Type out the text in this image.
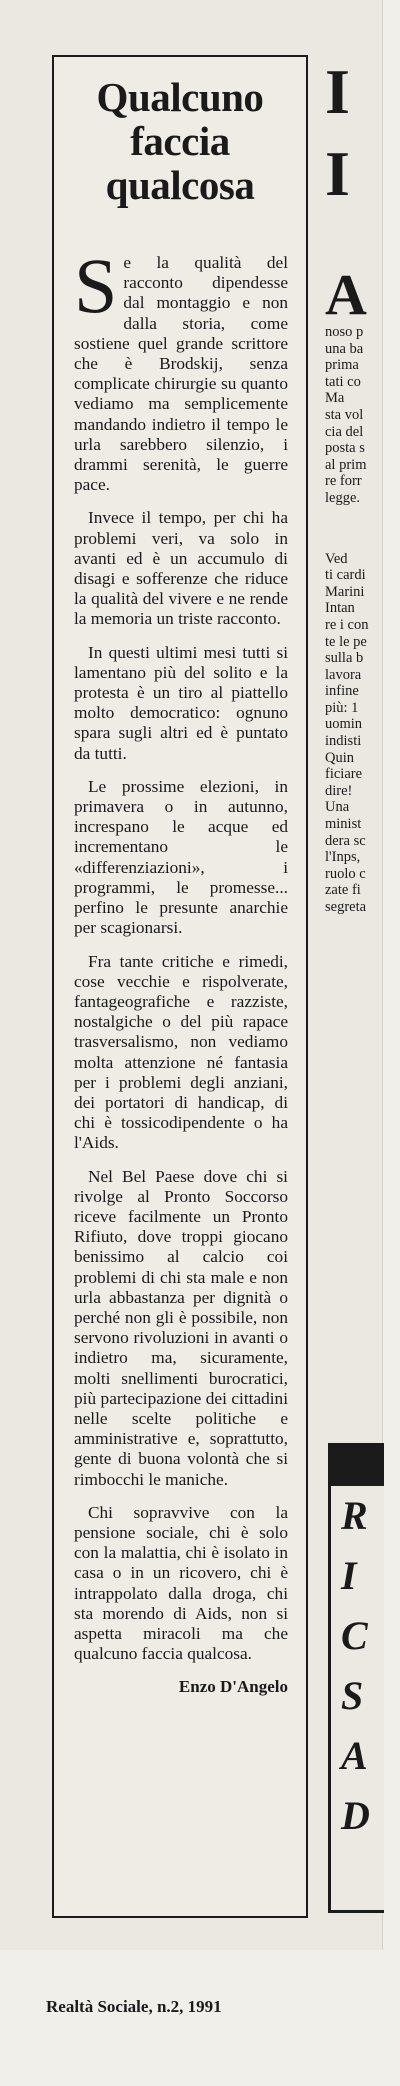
Qualcuno faccia qualcosa

Se la qualità del racconto dipendesse dal montaggio e non dalla storia, come sostiene quel grande scrittore che è Brodskij, senza complicate chirurgie su quanto vediamo ma semplicemente mandando indietro il tempo le urla sarebbero silenzio, i drammi serenità, le guerre pace.

Invece il tempo, per chi ha problemi veri, va solo in avanti ed è un accumulo di disagi e sofferenze che riduce la qualità del vivere e ne rende la memoria un triste racconto.

In questi ultimi mesi tutti si lamentano più del solito e la protesta è un tiro al piattello molto democratico: ognuno spara sugli altri ed è puntato da tutti.

Le prossime elezioni, in primavera o in autunno, increspano le acque ed incrementano le «differenziazioni», i programmi, le promesse... perfino le presunte anarchie per scagionarsi.

Fra tante critiche e rimedi, cose vecchie e rispolverate, fantageografiche e razziste, nostalgiche o del più rapace trasversalismo, non vediamo molta attenzione né fantasia per i problemi degli anziani, dei portatori di handicap, di chi è tossicodipendente o ha l'Aids.

Nel Bel Paese dove chi si rivolge al Pronto Soccorso riceve facilmente un Pronto Rifiuto, dove troppi giocano benissimo al calcio coi problemi di chi sta male e non urla abbastanza per dignità o perché non gli è possibile, non servono rivoluzioni in avanti o indietro ma, sicuramente, molti snellimenti burocratici, più partecipazione dei cittadini nelle scelte politiche e amministrative e, soprattutto, gente di buona volontà che si rimbocchi le maniche.

Chi sopravvive con la pensione sociale, chi è solo con la malattia, chi è isolato in casa o in un ricovero, chi è intrappolato dalla droga, chi sta morendo di Aids, non si aspetta miracoli ma che qualcuno faccia qualcosa.

Enzo D'Angelo

I

I

A

noso p

una ba

prima

tati co

Ma

sta vol

cia del

posta s

al prim

re forr

legge.

Ved

ti cardi

Marini

Intan

re i con

te le pe

sulla b

lavora

infine

più: 1

uomin

indisti

Quin

ficiare

dire!

Una

minist

dera sc

l'Inps,

ruolo c

zate fi

segreta

R

I

C

S

A

D

Realtà Sociale, n.2, 1991
